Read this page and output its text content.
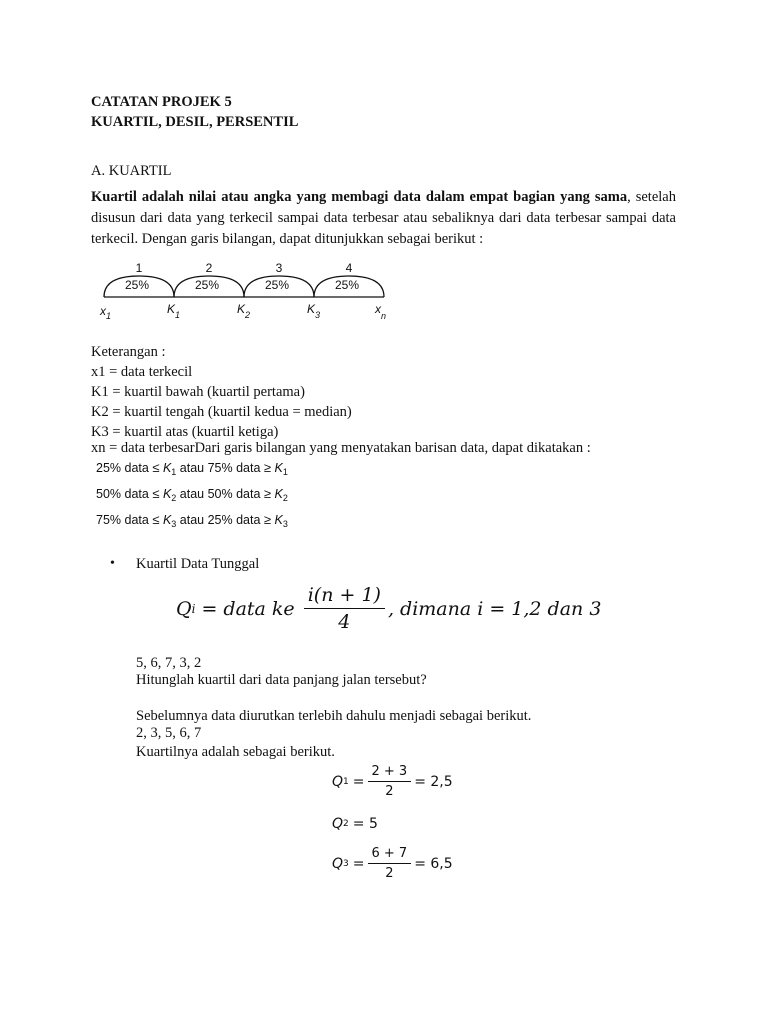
CATATAN PROJEK 5
KUARTIL, DESIL, PERSENTIL
A. KUARTIL
Kuartil adalah nilai atau angka yang membagi data dalam empat bagian yang sama, setelah disusun dari data yang terkecil sampai data terbesar atau sebaliknya dari data terbesar sampai data terkecil. Dengan garis bilangan, dapat ditunjukkan sebagai berikut :
1	2	3	4
25%	25%	25%	25%
$x_1$	$K_1$	$K_2$	$K_3$	$x_n$
Keterangan :
x1 = data terkecil
K1 = kuartil bawah (kuartil pertama)
K2 = kuartil tengah (kuartil kedua = median)
K3 = kuartil atas (kuartil ketiga)
xn = data terbesarDari garis bilangan yang menyatakan barisan data, dapat dikatakan :
25% data ≤ $K_1$ atau 75% data ≥ $K_1$
50% data ≤ $K_2$ atau 50% data ≥ $K_2$
75% data ≤ $K_3$ atau 25% data ≥ $K_3$
• Kuartil Data Tunggal
Q i = data ke $\frac{i(n + 1)}{4}$ , dimana i = 1,2 dan 3
5, 6, 7, 3, 2
Hitunglah kuartil dari data panjang jalan tersebut?
Sebelumnya data diurutkan terlebih dahulu menjadi sebagai berikut.
2, 3, 5, 6, 7
Kuartilnya adalah sebagai berikut.
Q $1 = \frac{2 + 3}{2} = 2,5$
Q 2 = 5
Q $3 = \frac{6 + 7}{2} = 6,5$
